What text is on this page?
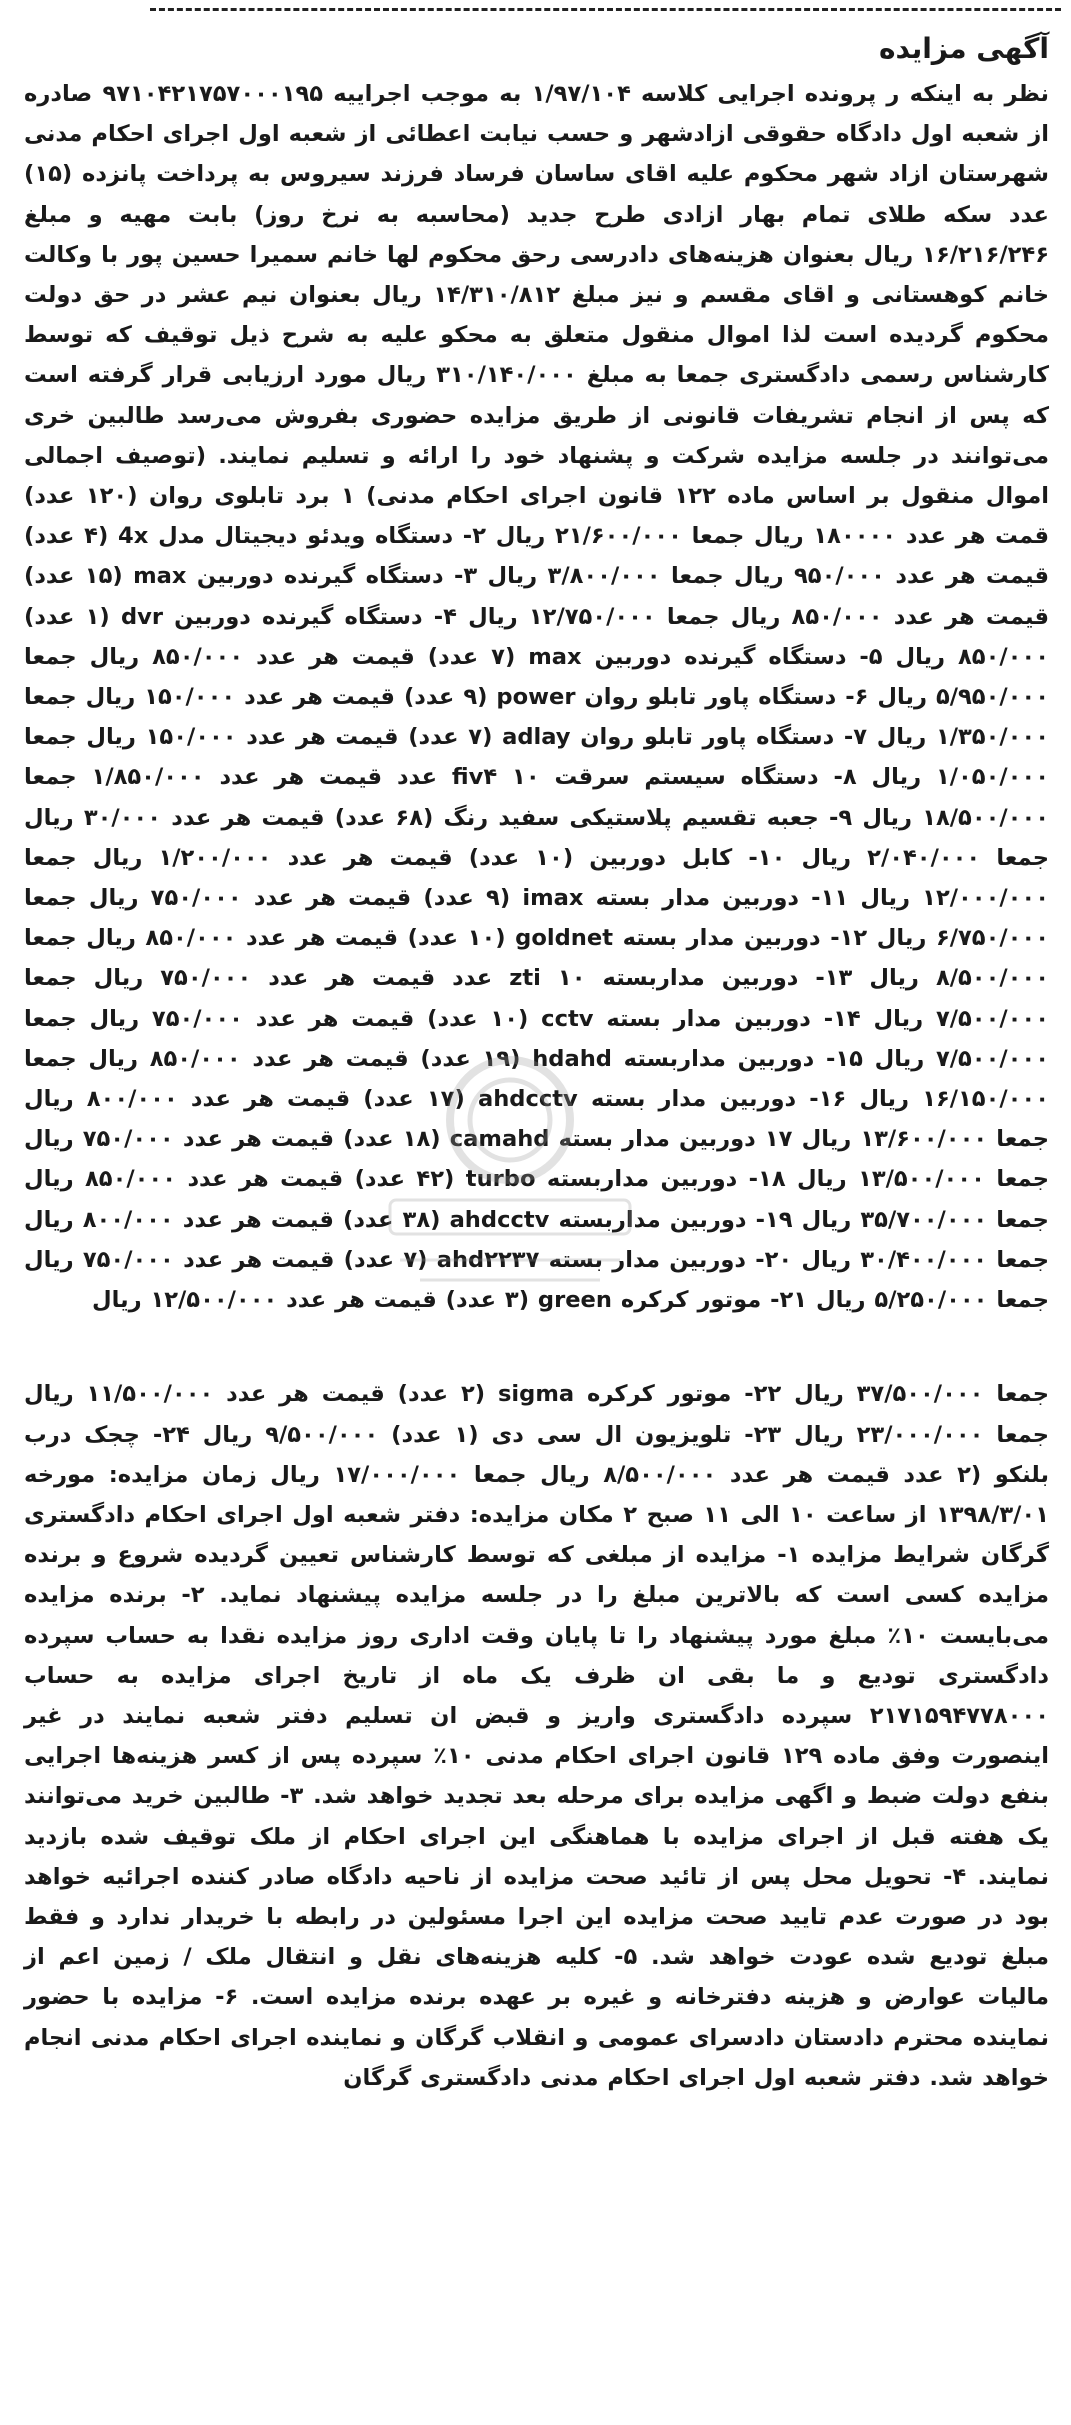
آگهی مزایده

نظر به اینکه ر پرونده اجرایی کلاسه ۱/۹۷/۱۰۴ به موجب اجراییه ۹۷۱۰۴۲۱۷۵۷۰۰۰۱۹۵ صادره از شعبه اول دادگاه حقوقی ازادشهر و حسب نیابت اعطائی از شعبه اول اجرای احکام مدنی شهرستان ازاد شهر محکوم علیه اقای ساسان فرساد فرزند سیروس به پرداخت پانزده (۱۵) عدد سکه طلای تمام بهار ازادی طرح جدید (محاسبه به نرخ روز) بابت مهیه و مبلغ ۱۶/۲۱۶/۲۴۶ ریال بعنوان هزینه‌های دادرسی رحق محکوم لها خانم سمیرا حسین پور با وکالت خانم کوهستانی و اقای مقسم و نیز مبلغ ۱۴/۳۱۰/۸۱۲ ریال بعنوان نیم عشر در حق دولت محکوم گردیده است لذا اموال منقول متعلق به محکو علیه به شرح ذیل توقیف که توسط کارشناس رسمی دادگستری جمعا به مبلغ ۳۱۰/۱۴۰/۰۰۰ ریال مورد ارزیابی قرار گرفته است که پس از انجام تشریفات قانونی از طریق مزایده حضوری بفروش می‌رسد طالبین خری می‌توانند در جلسه مزایده شرکت و پشنهاد خود را ارائه و تسلیم نمایند. (توصیف اجمالی اموال منقول بر اساس ماده ۱۲۲ قانون اجرای احکام مدنی) ۱ برد تابلوی روان (۱۲۰ عدد) قمت هر عدد ۱۸۰۰۰۰ ریال جمعا ۲۱/۶۰۰/۰۰۰ ریال ۲- دستگاه ویدئو دیجیتال مدل 4x (۴ عدد) قیمت هر عدد ۹۵۰/۰۰۰ ریال جمعا ۳/۸۰۰/۰۰۰ ریال ۳- دستگاه گیرنده دوربین max (۱۵ عدد) قیمت هر عدد ۸۵۰/۰۰۰ ریال جمعا ۱۲/۷۵۰/۰۰۰ ریال ۴- دستگاه گیرنده دوربین dvr (۱ عدد) ۸۵۰/۰۰۰ ریال ۵- دستگاه گیرنده دوربین max (۷ عدد) قیمت هر عدد ۸۵۰/۰۰۰ ریال جمعا ۵/۹۵۰/۰۰۰ ریال ۶- دستگاه پاور تابلو روان power (۹ عدد) قیمت هر عدد ۱۵۰/۰۰۰ ریال جمعا ۱/۳۵۰/۰۰۰ ریال ۷- دستگاه پاور تابلو روان adlay (۷ عدد) قیمت هر عدد ۱۵۰/۰۰۰ ریال جمعا ۱/۰۵۰/۰۰۰ ریال ۸- دستگاه سیستم سرقت fiv۴ ۱۰ عدد قیمت هر عدد ۱/۸۵۰/۰۰۰ جمعا ۱۸/۵۰۰/۰۰۰ ریال ۹- جعبه تقسیم پلاستیکی سفید رنگ (۶۸ عدد) قیمت هر عدد ۳۰/۰۰۰ ریال جمعا ۲/۰۴۰/۰۰۰ ریال ۱۰- کابل دوربین (۱۰ عدد) قیمت هر عدد ۱/۲۰۰/۰۰۰ ریال جمعا ۱۲/۰۰۰/۰۰۰ ریال ۱۱- دوربین مدار بسته imax (۹ عدد) قیمت هر عدد ۷۵۰/۰۰۰ ریال جمعا ۶/۷۵۰/۰۰۰ ریال ۱۲- دوربین مدار بسته goldnet (۱۰ عدد) قیمت هر عدد ۸۵۰/۰۰۰ ریال جمعا ۸/۵۰۰/۰۰۰ ریال ۱۳- دوربین مداربسته zti ۱۰ عدد قیمت هر عدد ۷۵۰/۰۰۰ ریال جمعا ۷/۵۰۰/۰۰۰ ریال ۱۴- دوربین مدار بسته cctv (۱۰ عدد) قیمت هر عدد ۷۵۰/۰۰۰ ریال جمعا ۷/۵۰۰/۰۰۰ ریال ۱۵- دوربین مداربسته hdahd (۱۹ عدد) قیمت هر عدد ۸۵۰/۰۰۰ ریال جمعا ۱۶/۱۵۰/۰۰۰ ریال ۱۶- دوربین مدار بسته ahdcctv (۱۷ عدد) قیمت هر عدد ۸۰۰/۰۰۰ ریال جمعا ۱۳/۶۰۰/۰۰۰ ریال ۱۷ دوربین مدار بسته camahd (۱۸ عدد) قیمت هر عدد ۷۵۰/۰۰۰ ریال جمعا ۱۳/۵۰۰/۰۰۰ ریال ۱۸- دوربین مداربسته turbo (۴۲ عدد) قیمت هر عدد ۸۵۰/۰۰۰ ریال جمعا ۳۵/۷۰۰/۰۰۰ ریال ۱۹- دوربین مداربسته ahdcctv (۳۸ عدد) قیمت هر عدد ۸۰۰/۰۰۰ ریال جمعا ۳۰/۴۰۰/۰۰۰ ریال ۲۰- دوربین مدار بسته ahd۲۲۳۷ (۷ عدد) قیمت هر عدد ۷۵۰/۰۰۰ ریال جمعا ۵/۲۵۰/۰۰۰ ریال ۲۱- موتور کرکره green (۳ عدد) قیمت هر عدد ۱۲/۵۰۰/۰۰۰ ریال

جمعا ۳۷/۵۰۰/۰۰۰ ریال ۲۲- موتور کرکره sigma (۲ عدد) قیمت هر عدد ۱۱/۵۰۰/۰۰۰ ریال جمعا ۲۳/۰۰۰/۰۰۰ ریال ۲۳- تلویزیون ال سی دی (۱ عدد) ۹/۵۰۰/۰۰۰ ریال ۲۴- چجک درب بلنکو (۲ عدد قیمت هر عدد ۸/۵۰۰/۰۰۰ ریال جمعا ۱۷/۰۰۰/۰۰۰ ریال زمان مزایده: مورخه ۱۳۹۸/۳/۰۱ از ساعت ۱۰ الی ۱۱ صبح ۲ مکان مزایده: دفتر شعبه اول اجرای احکام دادگستری گرگان شرایط مزایده ۱- مزایده از مبلغی که توسط کارشناس تعیین گردیده شروع و برنده مزایده کسی است که بالاترین مبلغ را در جلسه مزایده پیشنهاد نماید. ۲- برنده مزایده می‌بایست ۱۰٪ مبلغ مورد پیشنهاد را تا پایان وقت اداری روز مزایده نقدا به حساب سپرده دادگستری تودیع و ما بقی ان ظرف یک ماه از تاریخ اجرای مزایده به حساب ۲۱۷۱۵۹۴۷۷۸۰۰۰ سپرده دادگستری واریز و قبض ان تسلیم دفتر شعبه نمایند در غیر اینصورت وفق ماده ۱۲۹ قانون اجرای احکام مدنی ۱۰٪ سپرده پس از کسر هزینه‌ها اجرایی بنفع دولت ضبط و اگهی مزایده برای مرحله بعد تجدید خواهد شد. ۳- طالبین خرید می‌توانند یک هفته قبل از اجرای مزایده با هماهنگی این اجرای احکام از ملک توقیف شده بازدید نمایند. ۴- تحویل محل پس از تائید صحت مزایده از ناحیه دادگاه صادر کننده اجرائیه خواهد بود در صورت عدم تایید صحت مزایده این اجرا مسئولین در رابطه با خریدار ندارد و فقط مبلغ تودیع شده عودت خواهد شد. ۵- کلیه هزینه‌های نقل و انتقال ملک / زمین اعم از مالیات عوارض و هزینه دفترخانه و غیره بر عهده برنده مزایده است. ۶- مزایده با حضور نماینده محترم دادستان دادسرای عمومی و انقلاب گرگان و نماینده اجرای احکام مدنی انجام خواهد شد. دفتر شعبه اول اجرای احکام مدنی دادگستری گرگان
